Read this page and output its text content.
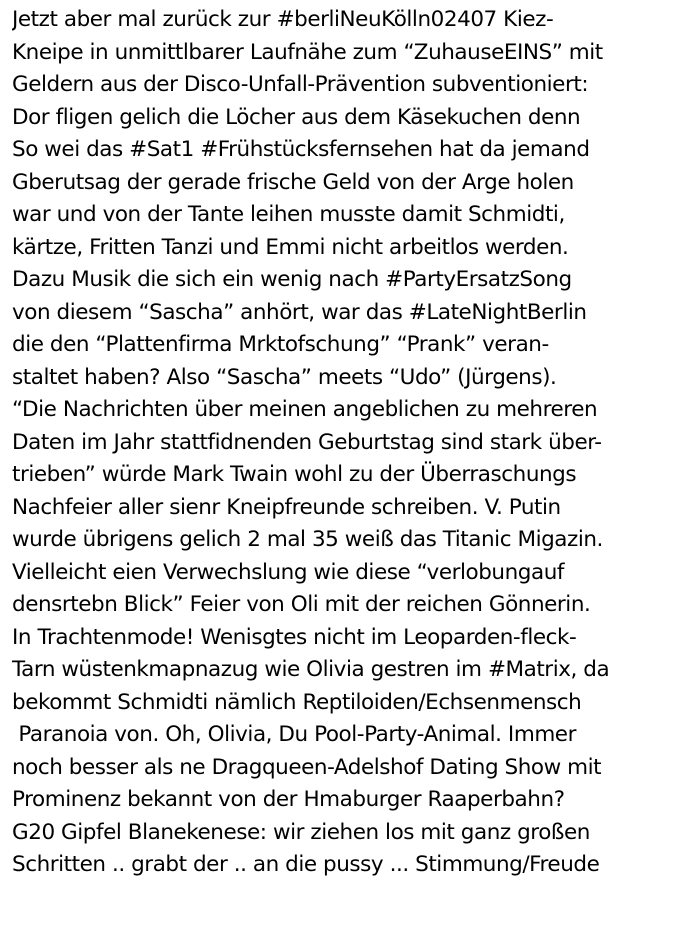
Jetzt aber mal zurück zur #berliNeuKölln02407 Kiez-
Kneipe in unmittlbarer Laufnähe zum “ZuhauseEINS” mit
Geldern aus der Disco-Unfall-Prävention subventioniert:
Dor fligen gelich die Löcher aus dem Käsekuchen denn
So wei das #Sat1 #Frühstücksfernsehen hat da jemand
Gberutsag der gerade frische Geld von der Arge holen
war und von der Tante leihen musste damit Schmidti,
kärtze, Fritten Tanzi und Emmi nicht arbeitlos werden.
Dazu Musik die sich ein wenig nach #PartyErsatzSong
von diesem “Sascha” anhört, war das #LateNightBerlin
die den “Plattenfirma Mrktofschung” “Prank” veran-
staltet haben? Also “Sascha” meets “Udo” (Jürgens).
“Die Nachrichten über meinen angeblichen zu mehreren
Daten im Jahr stattfidnenden Geburtstag sind stark über-
trieben” würde Mark Twain wohl zu der Überraschungs
Nachfeier aller sienr Kneipfreunde schreiben. V. Putin
wurde übrigens gelich 2 mal 35 weiß das Titanic Migazin.
Vielleicht eien Verwechslung wie diese “verlobungauf
densrtebn Blick” Feier von Oli mit der reichen Gönnerin.
In Trachtenmode! Wenisgtes nicht im Leoparden-fleck-
Tarn wüstenkmapnazug wie Olivia gestren im #Matrix, da
bekommt Schmidti nämlich Reptiloiden/Echsenmensch
Paranoia von. Oh, Olivia, Du Pool-Party-Animal. Immer
noch besser als ne Dragqueen-Adelshof Dating Show mit
Prominenz bekannt von der Hmaburger Raaperbahn?
G20 Gipfel Blanekenese: wir ziehen los mit ganz großen
Schritten .. grabt der .. an die pussy ... Stimmung/Freude
